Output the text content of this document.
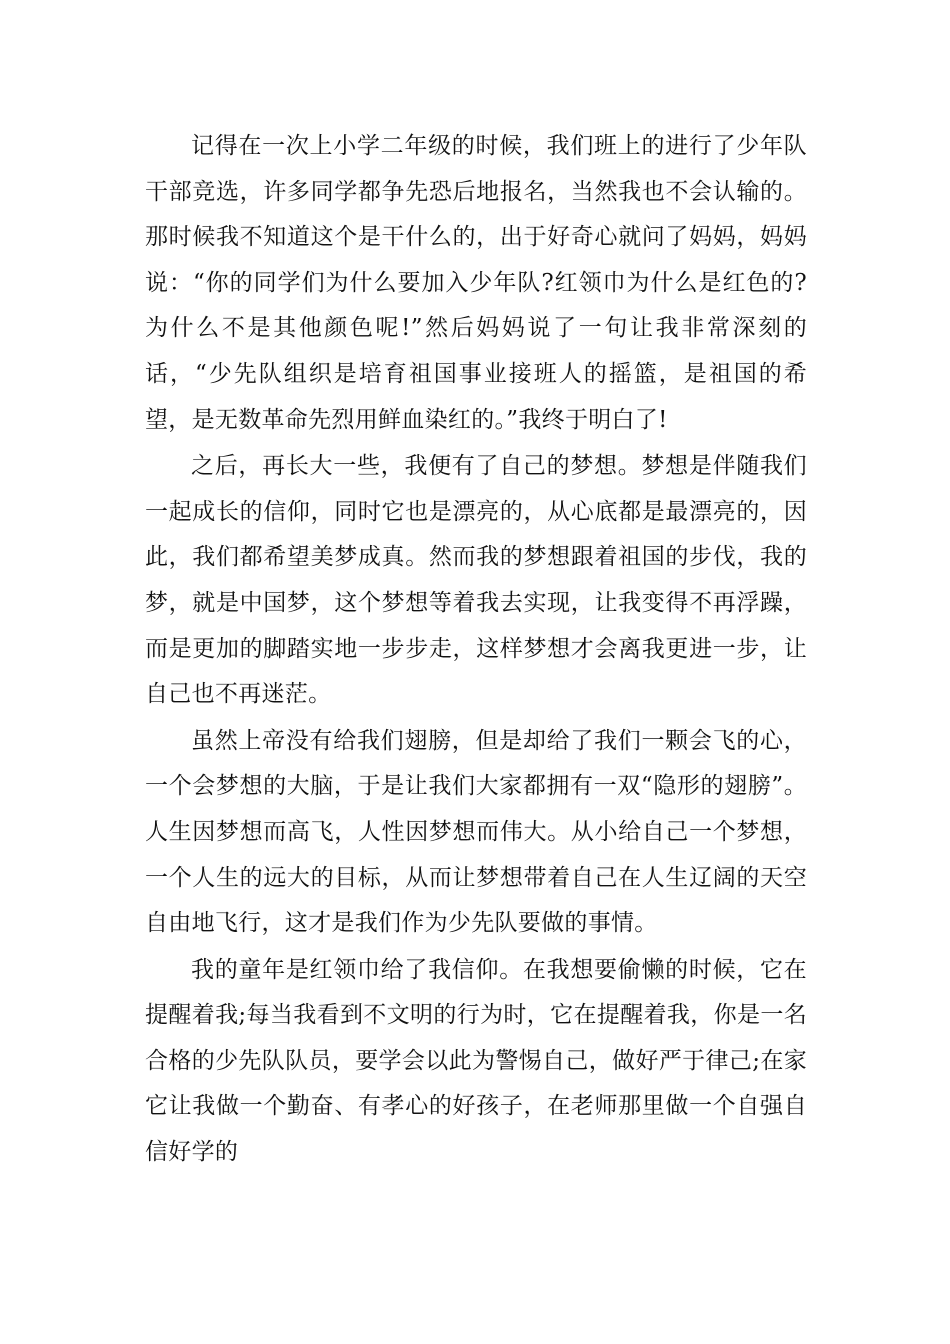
记得在一次上小学二年级的时候，我们班上的进行了少年队干部竞选，许多同学都争先恐后地报名，当然我也不会认输的。那时候我不知道这个是干什么的，出于好奇心就问了妈妈，妈妈说：“你的同学们为什么要加入少年队?红领巾为什么是红色的?为什么不是其他颜色呢!”然后妈妈说了一句让我非常深刻的话，“少先队组织是培育祖国事业接班人的摇篮，是祖国的希望，是无数革命先烈用鲜血染红的。”我终于明白了!

之后，再长大一些，我便有了自己的梦想。梦想是伴随我们一起成长的信仰，同时它也是漂亮的，从心底都是最漂亮的，因此，我们都希望美梦成真。然而我的梦想跟着祖国的步伐，我的梦，就是中国梦，这个梦想等着我去实现，让我变得不再浮躁，而是更加的脚踏实地一步步走，这样梦想才会离我更进一步，让自己也不再迷茫。

虽然上帝没有给我们翅膀，但是却给了我们一颗会飞的心，一个会梦想的大脑，于是让我们大家都拥有一双“隐形的翅膀”。人生因梦想而高飞，人性因梦想而伟大。从小给自己一个梦想，一个人生的远大的目标，从而让梦想带着自己在人生辽阔的天空自由地飞行，这才是我们作为少先队要做的事情。

我的童年是红领巾给了我信仰。在我想要偷懒的时候，它在提醒着我;每当我看到不文明的行为时，它在提醒着我，你是一名合格的少先队队员，要学会以此为警惕自己，做好严于律己;在家它让我做一个勤奋、有孝心的好孩子，在老师那里做一个自强自信好学的
